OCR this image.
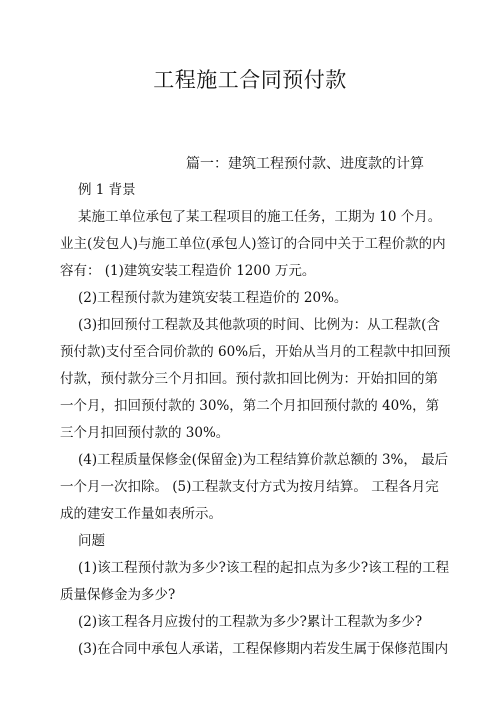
工程施工合同预付款
篇一：建筑工程预付款、进度款的计算
例 1 背景
某施工单位承包了某工程项目的施工任务，工期为 10 个月。
业主(发包人)与施工单位(承包人)签订的合同中关于工程价款的内
容有： (1)建筑安装工程造价 1200 万元。
(2)工程预付款为建筑安装工程造价的 20%。
(3)扣回预付工程款及其他款项的时间、比例为：从工程款(含
预付款)支付至合同价款的 60%后，开始从当月的工程款中扣回预
付款，预付款分三个月扣回。预付款扣回比例为：开始扣回的第
一个月，扣回预付款的 30%，第二个月扣回预付款的 40%，第
三个月扣回预付款的 30%。
(4)工程质量保修金(保留金)为工程结算价款总额的 3%， 最后
一个月一次扣除。 (5)工程款支付方式为按月结算。 工程各月完
成的建安工作量如表所示。
问题
(1)该工程预付款为多少?该工程的起扣点为多少?该工程的工程
质量保修金为多少?
(2)该工程各月应拨付的工程款为多少?累计工程款为多少?
(3)在合同中承包人承诺，工程保修期内若发生属于保修范围内
